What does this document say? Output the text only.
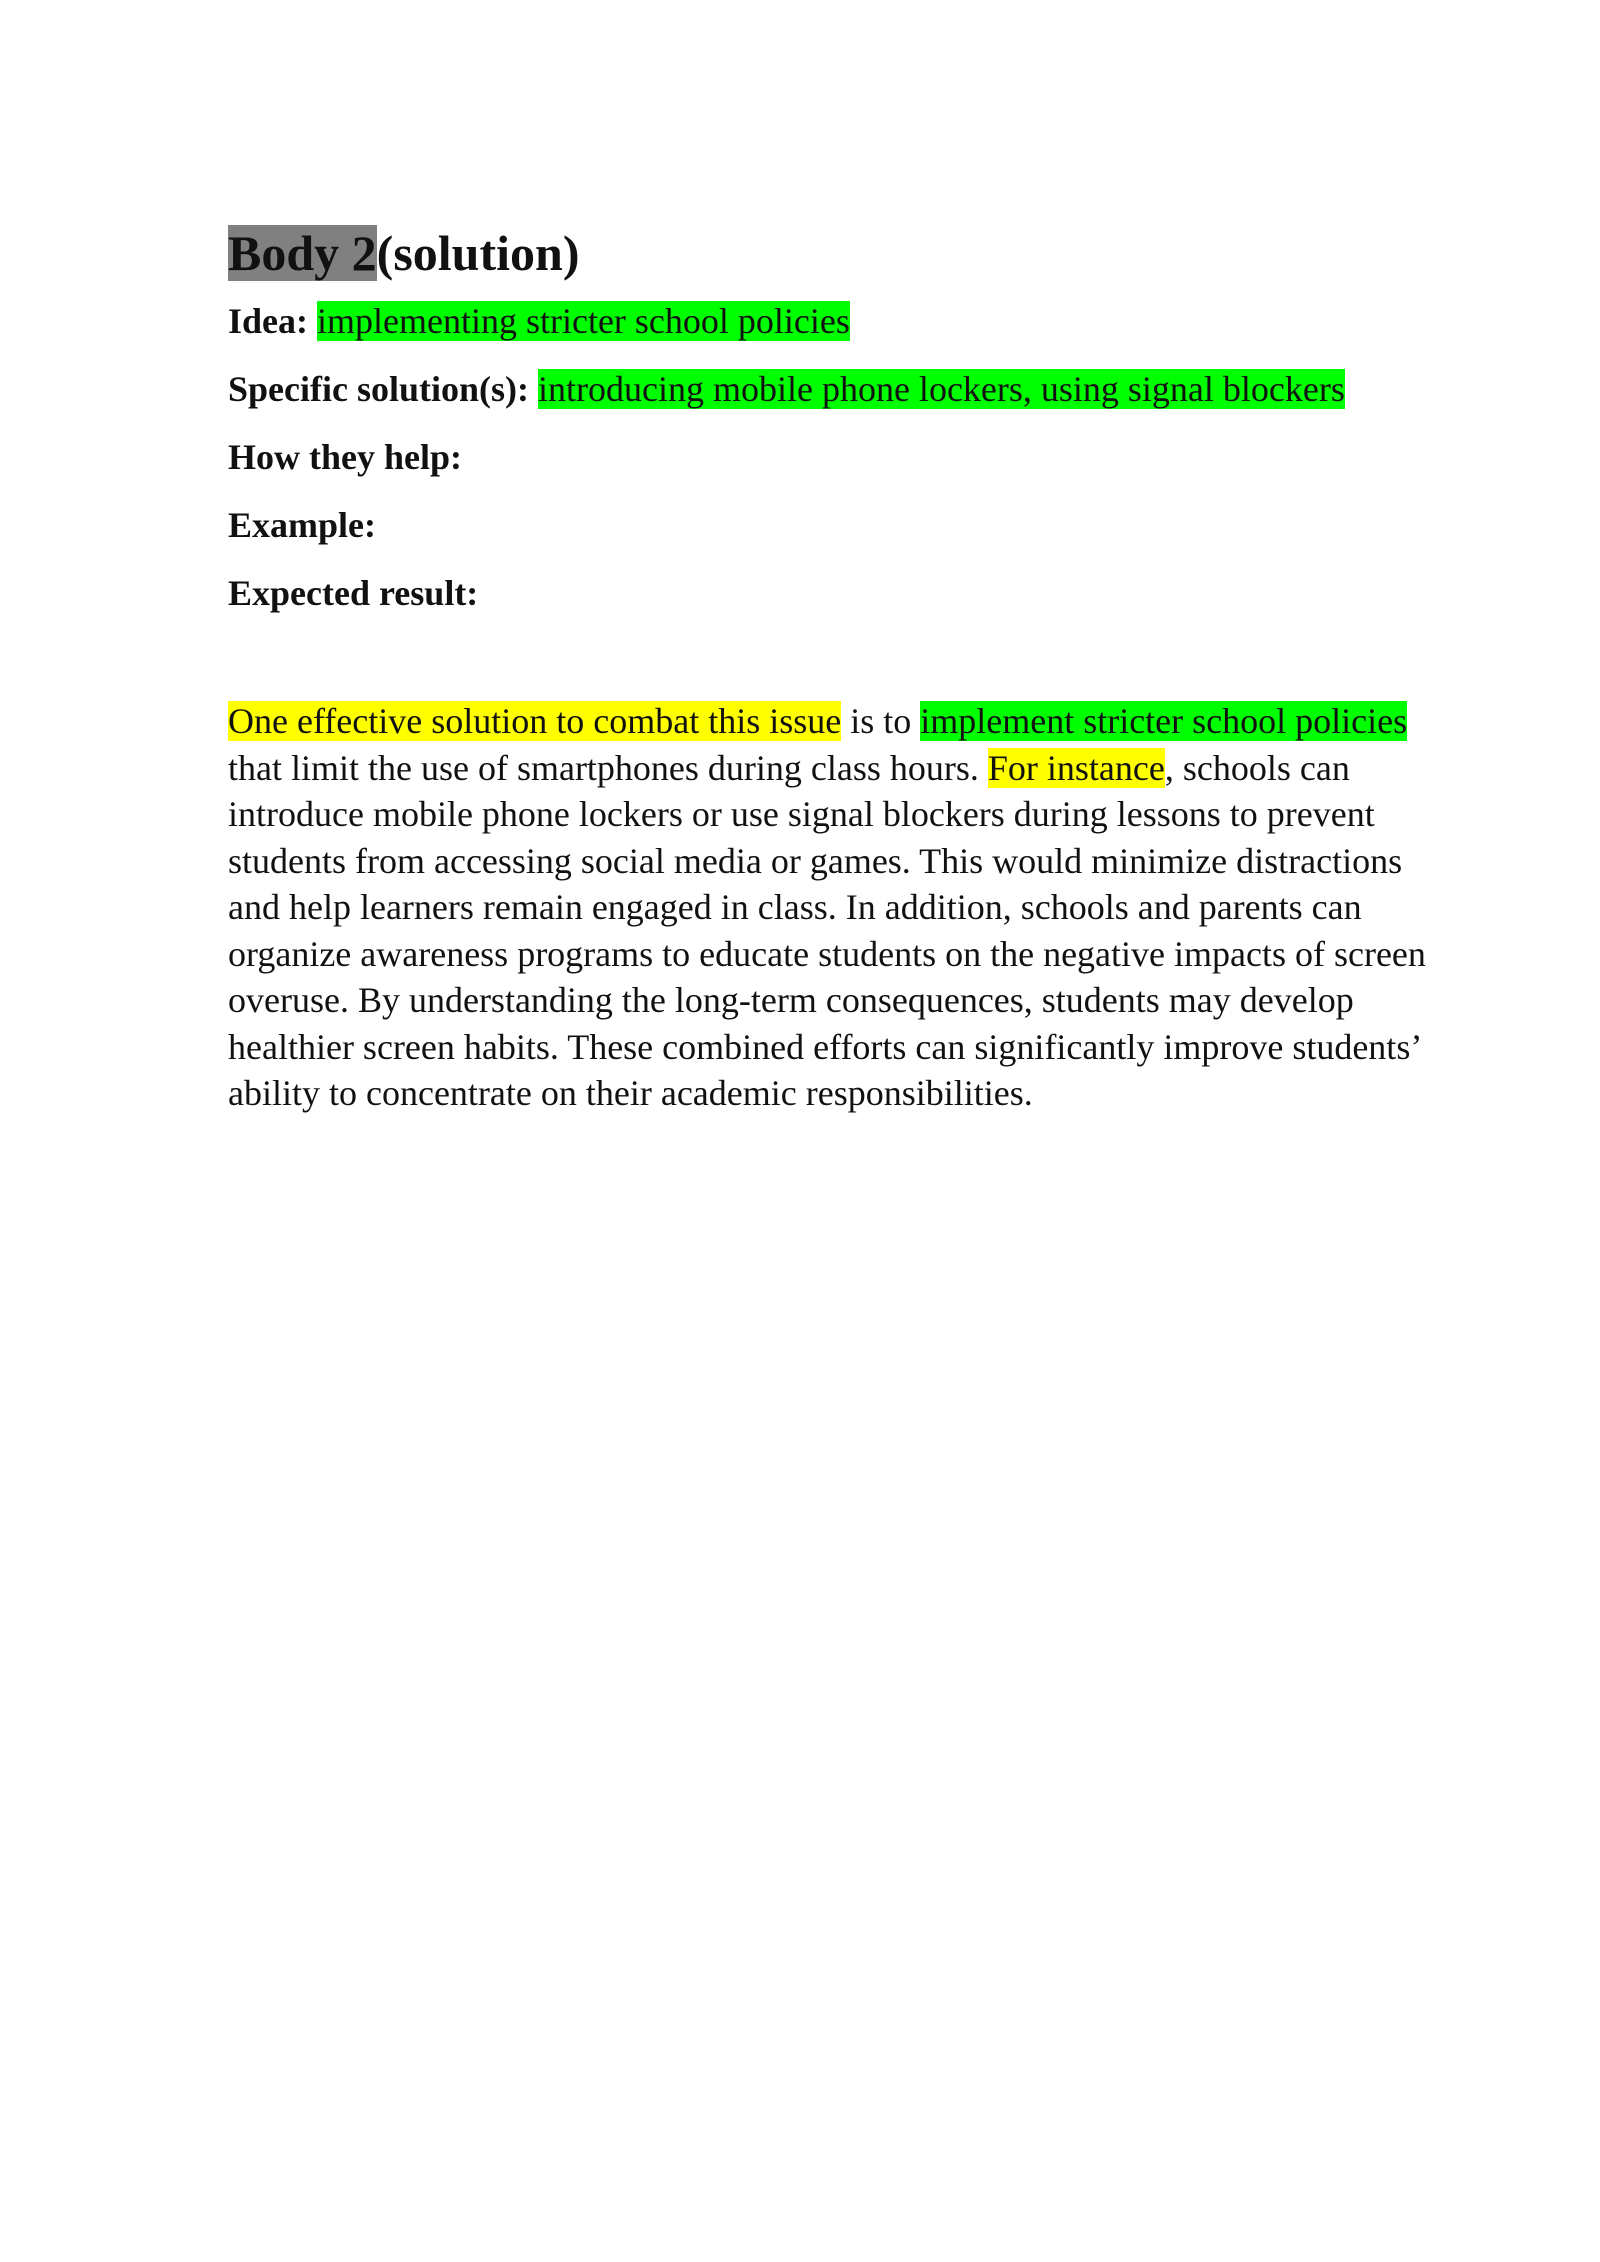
Body 2(solution)
Idea: implementing stricter school policies
Specific solution(s): introducing mobile phone lockers, using signal blockers
How they help:
Example:
Expected result:

One effective solution to combat this issue is to implement stricter school policies
that limit the use of smartphones during class hours. For instance, schools can
introduce mobile phone lockers or use signal blockers during lessons to prevent
students from accessing social media or games. This would minimize distractions
and help learners remain engaged in class. In addition, schools and parents can
organize awareness programs to educate students on the negative impacts of screen
overuse. By understanding the long-term consequences, students may develop
healthier screen habits. These combined efforts can significantly improve students’
ability to concentrate on their academic responsibilities.
